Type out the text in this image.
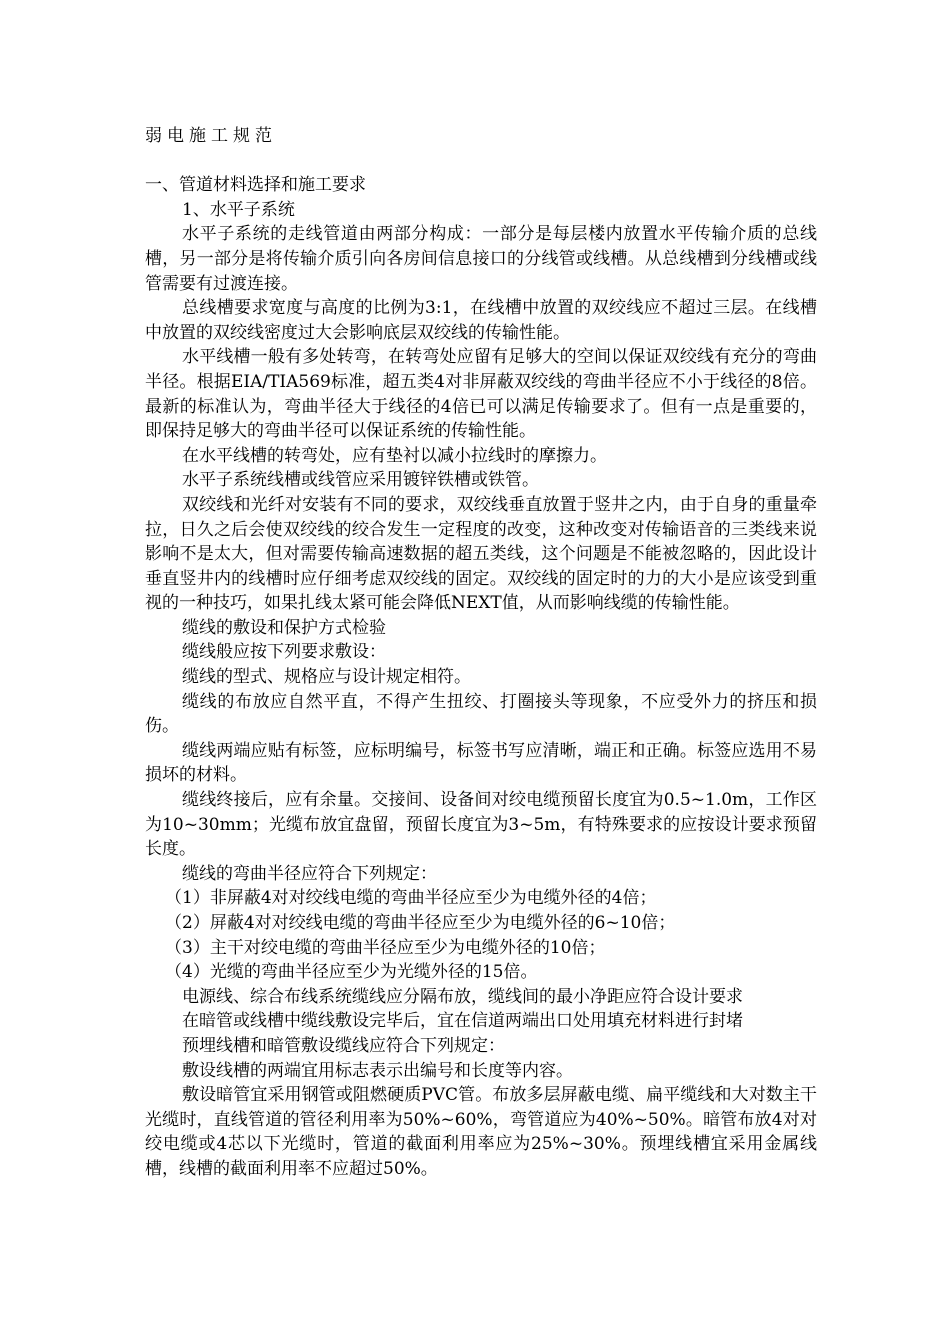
弱电施工规范

一、管道材料选择和施工要求

1、水平子系统

水平子系统的走线管道由两部分构成：一部分是每层楼内放置水平传输介质的总线槽，另一部分是将传输介质引向各房间信息接口的分线管或线槽。从总线槽到分线槽或线管需要有过渡连接。

总线槽要求宽度与高度的比例为3:1，在线槽中放置的双绞线应不超过三层。在线槽中放置的双绞线密度过大会影响底层双绞线的传输性能。

水平线槽一般有多处转弯，在转弯处应留有足够大的空间以保证双绞线有充分的弯曲半径。根据EIA/TIA569标准，超五类4对非屏蔽双绞线的弯曲半径应不小于线径的8倍。最新的标准认为，弯曲半径大于线径的4倍已可以满足传输要求了。但有一点是重要的，即保持足够大的弯曲半径可以保证系统的传输性能。

在水平线槽的转弯处，应有垫衬以减小拉线时的摩擦力。

水平子系统线槽或线管应采用镀锌铁槽或铁管。

双绞线和光纤对安装有不同的要求，双绞线垂直放置于竖井之内，由于自身的重量牵拉，日久之后会使双绞线的绞合发生一定程度的改变，这种改变对传输语音的三类线来说影响不是太大，但对需要传输高速数据的超五类线，这个问题是不能被忽略的，因此设计垂直竖井内的线槽时应仔细考虑双绞线的固定。双绞线的固定时的力的大小是应该受到重视的一种技巧，如果扎线太紧可能会降低NEXT值，从而影响线缆的传输性能。

缆线的敷设和保护方式检验

缆线般应按下列要求敷设：

缆线的型式、规格应与设计规定相符。

缆线的布放应自然平直，不得产生扭绞、打圈接头等现象，不应受外力的挤压和损伤。

缆线两端应贴有标签，应标明编号，标签书写应清晰，端正和正确。标签应选用不易损坏的材料。

缆线终接后，应有余量。交接间、设备间对绞电缆预留长度宜为0.5~1.0m，工作区为10~30mm；光缆布放宜盘留，预留长度宜为3~5m，有特殊要求的应按设计要求预留长度。

缆线的弯曲半径应符合下列规定：

（1）非屏蔽4对对绞线电缆的弯曲半径应至少为电缆外径的4倍；

（2）屏蔽4对对绞线电缆的弯曲半径应至少为电缆外径的6~10倍；

（3）主干对绞电缆的弯曲半径应至少为电缆外径的10倍；

（4）光缆的弯曲半径应至少为光缆外径的15倍。

电源线、综合布线系统缆线应分隔布放，缆线间的最小净距应符合设计要求

在暗管或线槽中缆线敷设完毕后，宜在信道两端出口处用填充材料进行封堵

预埋线槽和暗管敷设缆线应符合下列规定：

敷设线槽的两端宜用标志表示出编号和长度等内容。

敷设暗管宜采用钢管或阻燃硬质PVC管。布放多层屏蔽电缆、扁平缆线和大对数主干光缆时，直线管道的管径利用率为50%~60%，弯管道应为40%~50%。暗管布放4对对绞电缆或4芯以下光缆时，管道的截面利用率应为25%~30%。预埋线槽宜采用金属线槽，线槽的截面利用率不应超过50%。
